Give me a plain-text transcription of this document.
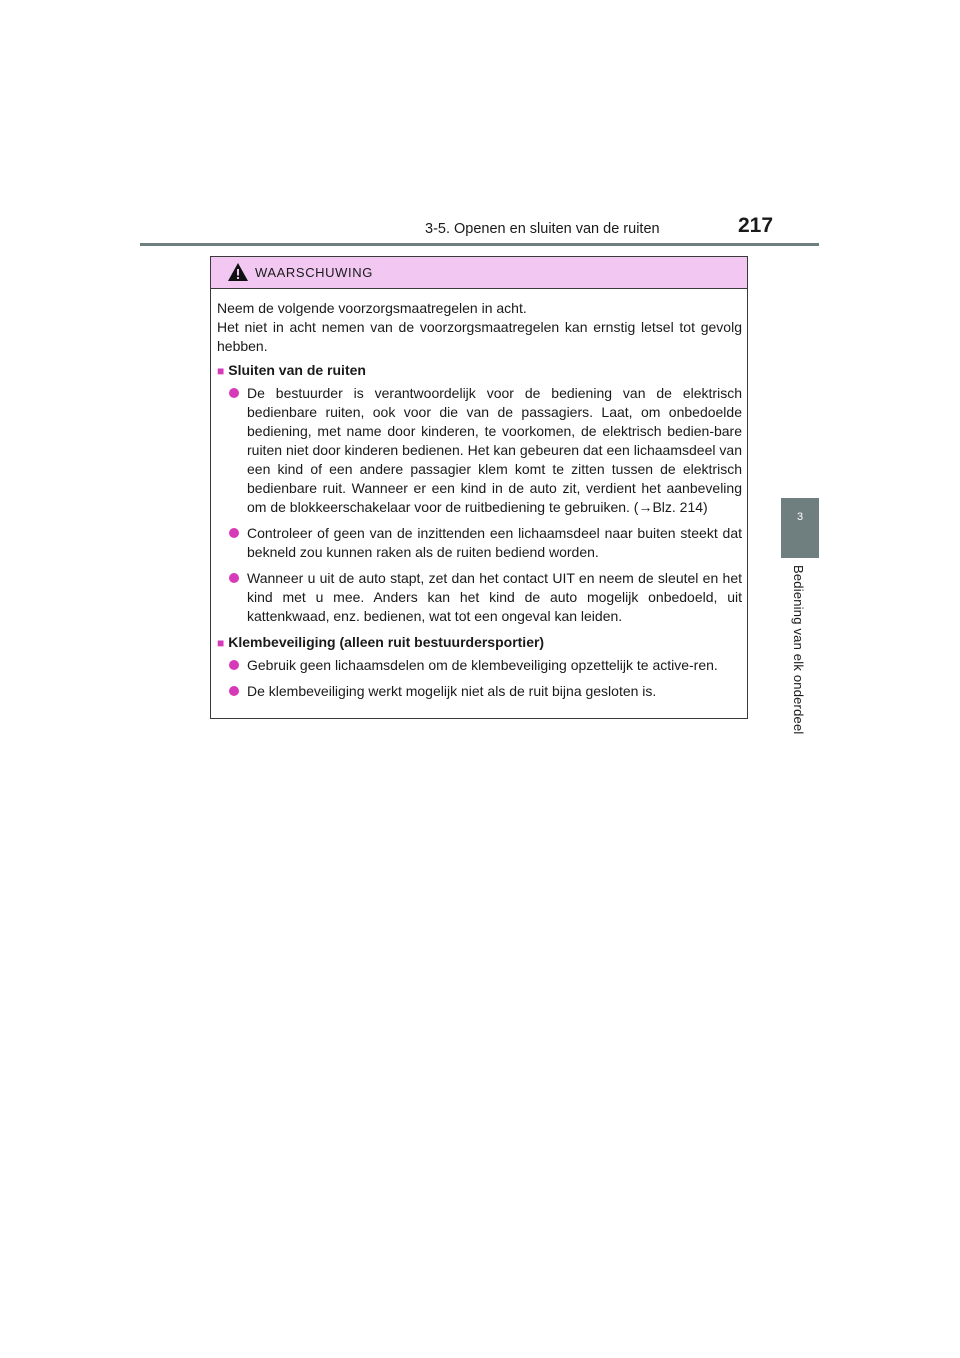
3-5. Openen en sluiten van de ruiten	217
3
Bediening van elk onderdeel
WAARSCHUWING

Neem de volgende voorzorgsmaatregelen in acht.
Het niet in acht nemen van de voorzorgsmaatregelen kan ernstig letsel tot gevolg hebben.

■ Sluiten van de ruiten
De bestuurder is verantwoordelijk voor de bediening van de elektrisch bedienbare ruiten, ook voor die van de passagiers. Laat, om onbedoelde bediening, met name door kinderen, te voorkomen, de elektrisch bedien-bare ruiten niet door kinderen bedienen. Het kan gebeuren dat een lichaamsdeel van een kind of een andere passagier klem komt te zitten tussen de elektrisch bedienbare ruit. Wanneer er een kind in de auto zit, verdient het aanbeveling om de blokkeerschakelaar voor de ruitbediening te gebruiken. (→Blz. 214)
Controleer of geen van de inzittenden een lichaamsdeel naar buiten steekt dat bekneld zou kunnen raken als de ruiten bediend worden.
Wanneer u uit de auto stapt, zet dan het contact UIT en neem de sleutel en het kind met u mee. Anders kan het kind de auto mogelijk onbedoeld, uit kattenkwaad, enz. bedienen, wat tot een ongeval kan leiden.
■ Klembeveiliging (alleen ruit bestuurdersportier)
Gebruik geen lichaamsdelen om de klembeveiliging opzettelijk te active-ren.
De klembeveiliging werkt mogelijk niet als de ruit bijna gesloten is.
